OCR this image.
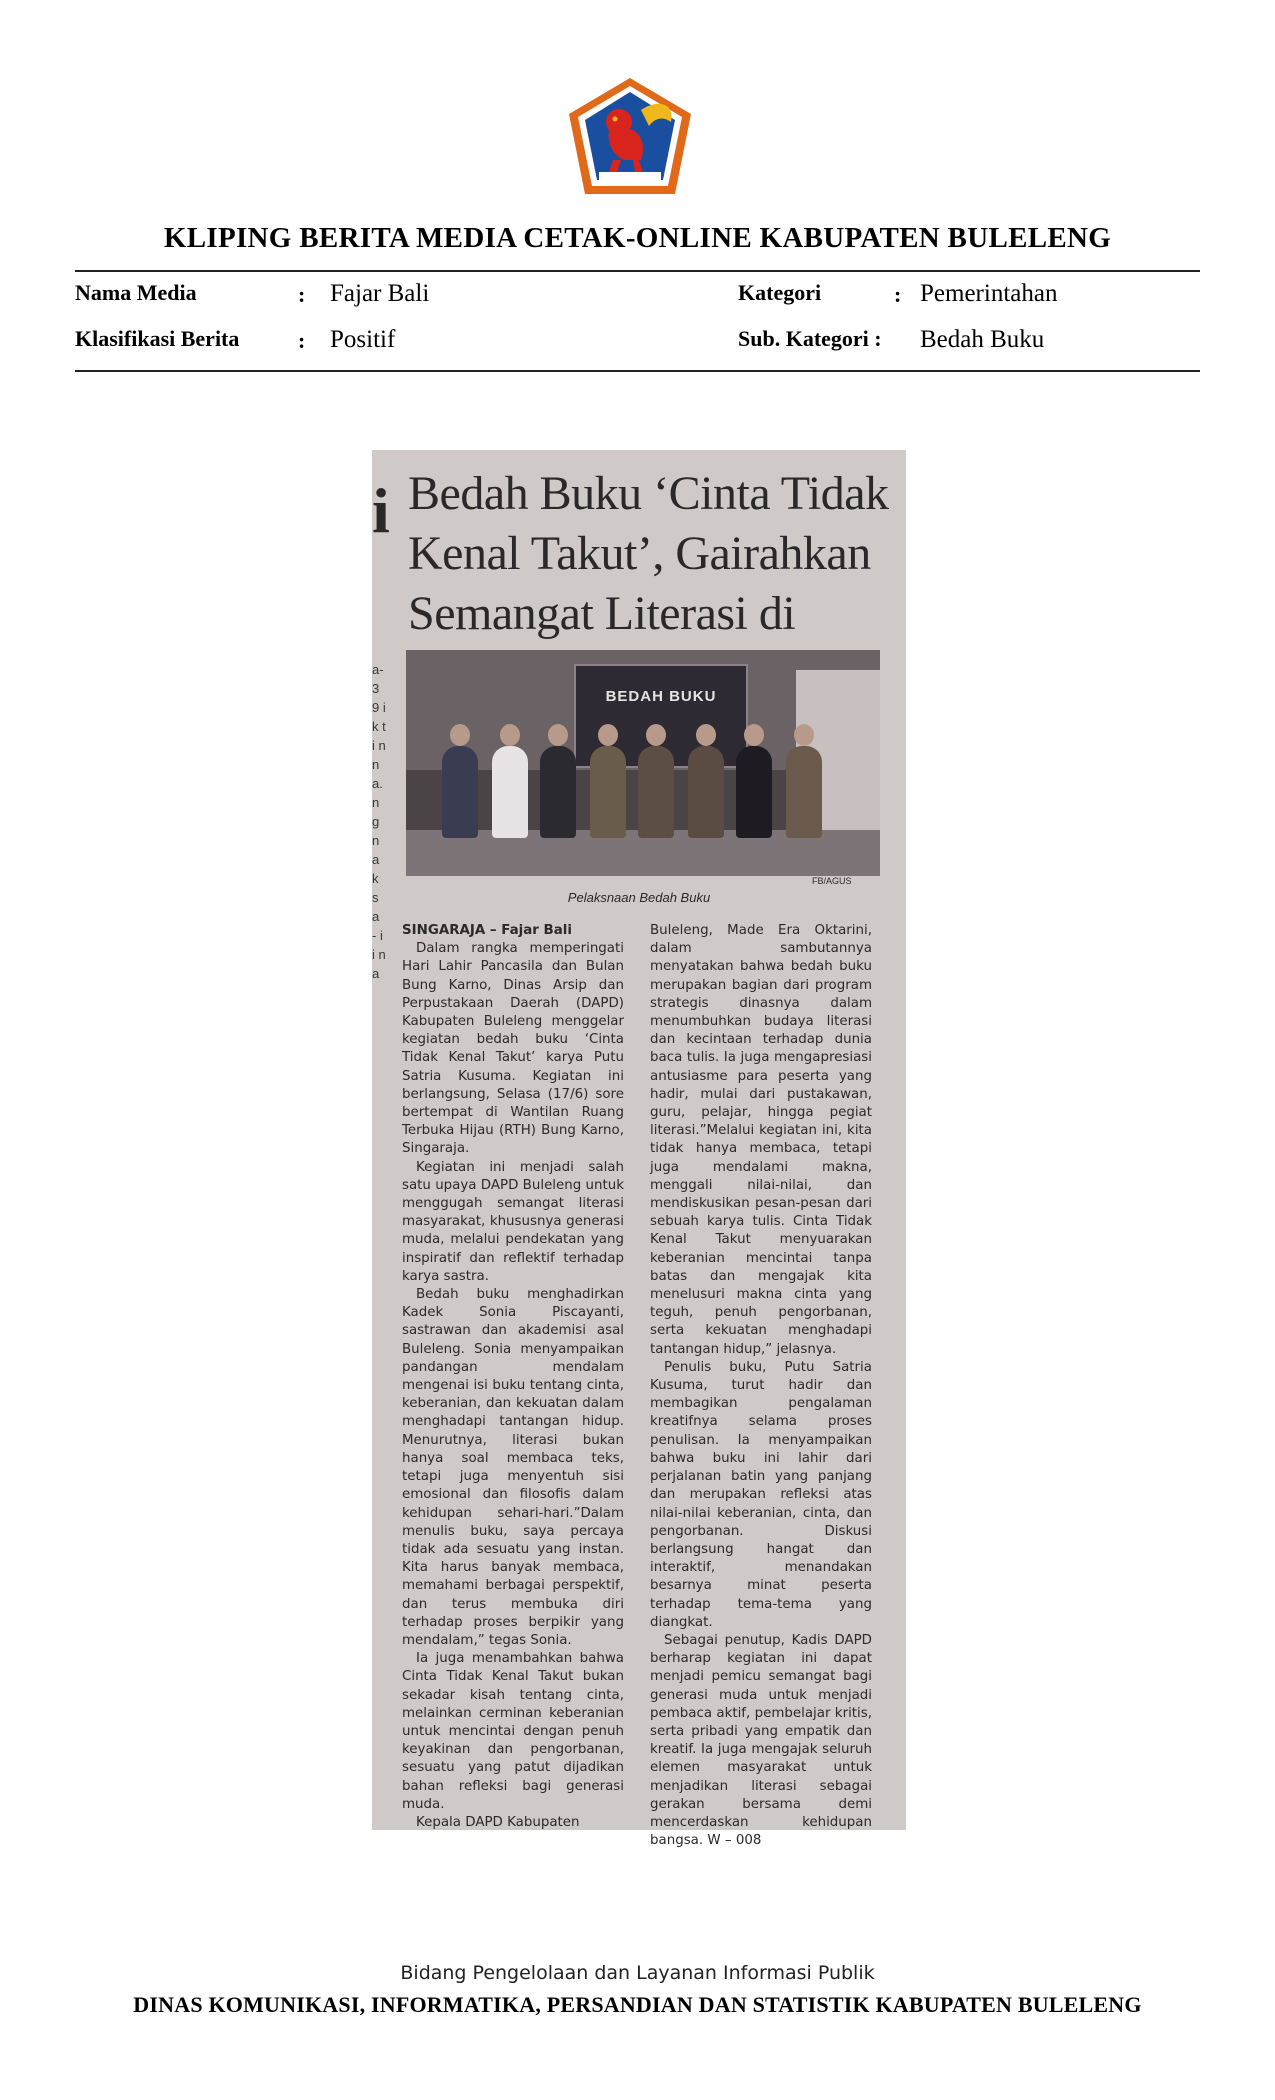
KLIPING BERITA MEDIA CETAK-ONLINE KABUPATEN BULELENG
Nama Media	: Fajar Bali	Kategori	: Pemerintahan
Klasifikasi Berita	: Positif	Sub. Kategori : Bedah Buku
i Bedah Buku ‘Cinta Tidak Kenal Takut’, Gairahkan Semangat Literasi di
a- 39 ik ti n n a. n g n a k s a - i i n a
BEDAH BUKU
FB/AGUS
Pelaksnaan Bedah Buku

SINGARAJA – Fajar Bali

Dalam rangka memperingati Hari Lahir Pancasila dan Bulan Bung Karno, Dinas Arsip dan Perpustakaan Daerah (DAPD) Kabupaten Buleleng menggelar kegiatan bedah buku ‘Cinta Tidak Kenal Takut’ karya Putu Satria Kusuma. Kegiatan ini berlangsung, Selasa (17/6) sore bertempat di Wantilan Ruang Terbuka Hijau (RTH) Bung Karno, Singaraja.

Kegiatan ini menjadi salah satu upaya DAPD Buleleng untuk menggugah semangat literasi masyarakat, khususnya generasi muda, melalui pendekatan yang inspiratif dan reflektif terhadap karya sastra.

Bedah buku menghadirkan Kadek Sonia Piscayanti, sastrawan dan akademisi asal Buleleng. Sonia menyampaikan pandangan mendalam mengenai isi buku tentang cinta, keberanian, dan kekuatan dalam menghadapi tantangan hidup. Menurutnya, literasi bukan hanya soal membaca teks, tetapi juga menyentuh sisi emosional dan filosofis dalam kehidupan sehari-hari.”Dalam menulis buku, saya percaya tidak ada sesuatu yang instan. Kita harus banyak membaca, memahami berbagai perspektif, dan terus membuka diri terhadap proses berpikir yang mendalam,” tegas Sonia.

Ia juga menambahkan bahwa Cinta Tidak Kenal Takut bukan sekadar kisah tentang cinta, melainkan cerminan keberanian untuk mencintai dengan penuh keyakinan dan pengorbanan, sesuatu yang patut dijadikan bahan refleksi bagi generasi muda.

Kepala DAPD Kabupaten

Buleleng, Made Era Oktarini, dalam sambutannya menyatakan bahwa bedah buku merupakan bagian dari program strategis dinasnya dalam menumbuhkan budaya literasi dan kecintaan terhadap dunia baca tulis. Ia juga mengapresiasi antusiasme para peserta yang hadir, mulai dari pustakawan, guru, pelajar, hingga pegiat literasi.”Melalui kegiatan ini, kita tidak hanya membaca, tetapi juga mendalami makna, menggali nilai-nilai, dan mendiskusikan pesan-pesan dari sebuah karya tulis. Cinta Tidak Kenal Takut menyuarakan keberanian mencintai tanpa batas dan mengajak kita menelusuri makna cinta yang teguh, penuh pengorbanan, serta kekuatan menghadapi tantangan hidup,” jelasnya.

Penulis buku, Putu Satria Kusuma, turut hadir dan membagikan pengalaman kreatifnya selama proses penulisan. Ia menyampaikan bahwa buku ini lahir dari perjalanan batin yang panjang dan merupakan refleksi atas nilai-nilai keberanian, cinta, dan pengorbanan. Diskusi berlangsung hangat dan interaktif, menandakan besarnya minat peserta terhadap tema-tema yang diangkat.

Sebagai penutup, Kadis DAPD berharap kegiatan ini dapat menjadi pemicu semangat bagi generasi muda untuk menjadi pembaca aktif, pembelajar kritis, serta pribadi yang empatik dan kreatif. Ia juga mengajak seluruh elemen masyarakat untuk menjadikan literasi sebagai gerakan bersama demi mencerdaskan kehidupan bangsa. W – 008

Bidang Pengelolaan dan Layanan Informasi Publik
DINAS KOMUNIKASI, INFORMATIKA, PERSANDIAN DAN STATISTIK KABUPATEN BULELENG
